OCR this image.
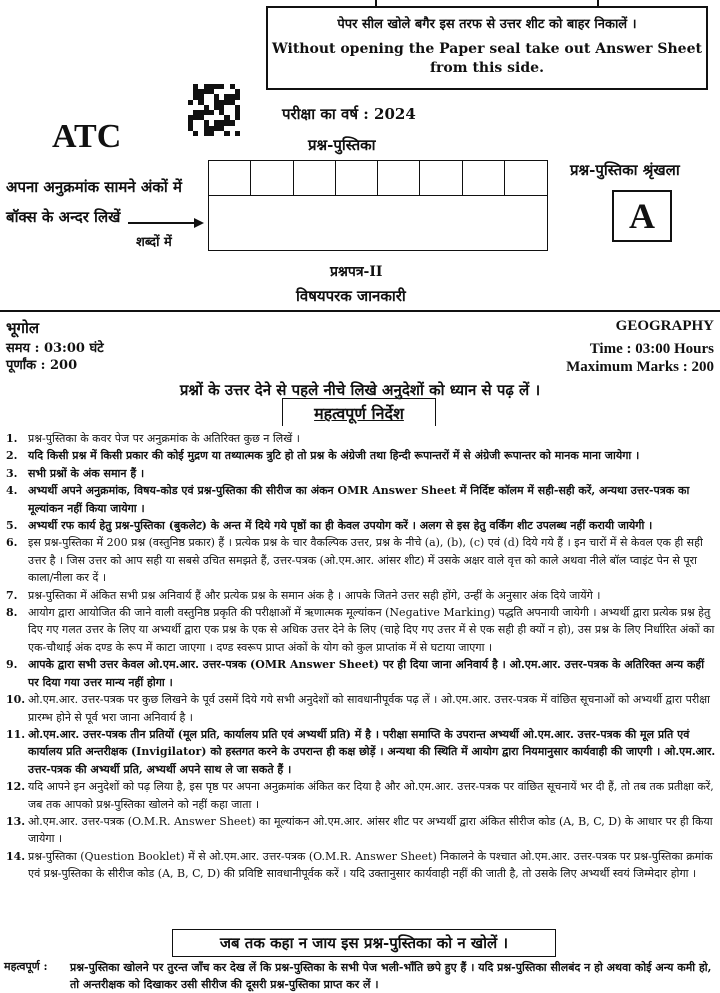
पेपर सील खोले बगैर इस तरफ से उत्तर शीट को बाहर निकालें ।
Without opening the Paper seal take out Answer Sheet from this side.
ATC
परीक्षा का वर्ष : 2024
प्रश्न-पुस्तिका
अपना अनुक्रमांक सामने अंकों में बॉक्स के अन्दर लिखें
शब्दों में
प्रश्न-पुस्तिका श्रृंखला
A
प्रश्नपत्र-II
विषयपरक जानकारी
भूगोल	GEOGRAPHY
समय : 03:00 घंटे
पूर्णांक : 200
Time : 03:00 Hours
Maximum Marks : 200
प्रश्नों के उत्तर देने से पहले नीचे लिखे अनुदेशों को ध्यान से पढ़ लें ।
महत्वपूर्ण निर्देश
1. प्रश्न-पुस्तिका के कवर पेज पर अनुक्रमांक के अतिरिक्त कुछ न लिखें ।
2. यदि किसी प्रश्न में किसी प्रकार की कोई मुद्रण या तथ्यात्मक त्रुटि हो तो प्रश्न के अंग्रेजी तथा हिन्दी रूपान्तरों में से अंग्रेजी रूपान्तर को मानक माना जायेगा ।
3. सभी प्रश्नों के अंक समान हैं ।
4. अभ्यर्थी अपने अनुक्रमांक, विषय-कोड एवं प्रश्न-पुस्तिका की सीरीज का अंकन OMR Answer Sheet में निर्दिष्ट कॉलम में सही-सही करें, अन्यथा उत्तर-पत्रक का मूल्यांकन नहीं किया जायेगा ।
5. अभ्यर्थी रफ कार्य हेतु प्रश्न-पुस्तिका (बुकलेट) के अन्त में दिये गये पृष्ठों का ही केवल उपयोग करें । अलग से इस हेतु वर्किंग शीट उपलब्ध नहीं करायी जायेगी ।
6. इस प्रश्न-पुस्तिका में 200 प्रश्न (वस्तुनिष्ठ प्रकार) हैं । प्रत्येक प्रश्न के चार वैकल्पिक उत्तर, प्रश्न के नीचे (a), (b), (c) एवं (d) दिये गये हैं । इन चारों में से केवल एक ही सही उत्तर है । जिस उत्तर को आप सही या सबसे उचित समझते हैं, उत्तर-पत्रक (ओ.एम.आर. आंसर शीट) में उसके अक्षर वाले वृत्त को काले अथवा नीले बॉल प्वाइंट पेन से पूरा काला/नीला कर दें ।
7. प्रश्न-पुस्तिका में अंकित सभी प्रश्न अनिवार्य हैं और प्रत्येक प्रश्न के समान अंक है । आपके जितने उत्तर सही होंगे, उन्हीं के अनुसार अंक दिये जायेंगे ।
8. आयोग द्वारा आयोजित की जाने वाली वस्तुनिष्ठ प्रकृति की परीक्षाओं में ऋणात्मक मूल्यांकन (Negative Marking) पद्धति अपनायी जायेगी । अभ्यर्थी द्वारा प्रत्येक प्रश्न हेतु दिए गए गलत उत्तर के लिए या अभ्यर्थी द्वारा एक प्रश्न के एक से अधिक उत्तर देने के लिए (चाहे दिए गए उत्तर में से एक सही ही क्यों न हो), उस प्रश्न के लिए निर्धारित अंकों का एक-चौथाई अंक दण्ड के रूप में काटा जाएगा । दण्ड स्वरूप प्राप्त अंकों के योग को कुल प्राप्तांक में से घटाया जाएगा ।
9. आपके द्वारा सभी उत्तर केवल ओ.एम.आर. उत्तर-पत्रक (OMR Answer Sheet) पर ही दिया जाना अनिवार्य है । ओ.एम.आर. उत्तर-पत्रक के अतिरिक्त अन्य कहीं पर दिया गया उत्तर मान्य नहीं होगा ।
10. ओ.एम.आर. उत्तर-पत्रक पर कुछ लिखने के पूर्व उसमें दिये गये सभी अनुदेशों को सावधानीपूर्वक पढ़ लें । ओ.एम.आर. उत्तर-पत्रक में वांछित सूचनाओं को अभ्यर्थी द्वारा परीक्षा प्रारम्भ होने से पूर्व भरा जाना अनिवार्य है ।
11. ओ.एम.आर. उत्तर-पत्रक तीन प्रतियों (मूल प्रति, कार्यालय प्रति एवं अभ्यर्थी प्रति) में है । परीक्षा समाप्ति के उपरान्त अभ्यर्थी ओ.एम.आर. उत्तर-पत्रक की मूल प्रति एवं कार्यालय प्रति अन्तरीक्षक (Invigilator) को हस्तगत करने के उपरान्त ही कक्ष छोड़ें । अन्यथा की स्थिति में आयोग द्वारा नियमानुसार कार्यवाही की जाएगी । ओ.एम.आर. उत्तर-पत्रक की अभ्यर्थी प्रति, अभ्यर्थी अपने साथ ले जा सकते हैं ।
12. यदि आपने इन अनुदेशों को पढ़ लिया है, इस पृष्ठ पर अपना अनुक्रमांक अंकित कर दिया है और ओ.एम.आर. उत्तर-पत्रक पर वांछित सूचनायें भर दी हैं, तो तब तक प्रतीक्षा करें, जब तक आपको प्रश्न-पुस्तिका खोलने को नहीं कहा जाता ।
13. ओ.एम.आर. उत्तर-पत्रक (O.M.R. Answer Sheet) का मूल्यांकन ओ.एम.आर. आंसर शीट पर अभ्यर्थी द्वारा अंकित सीरीज कोड (A, B, C, D) के आधार पर ही किया जायेगा ।
14. प्रश्न-पुस्तिका (Question Booklet) में से ओ.एम.आर. उत्तर-पत्रक (O.M.R. Answer Sheet) निकालने के पश्चात ओ.एम.आर. उत्तर-पत्रक पर प्रश्न-पुस्तिका क्रमांक एवं प्रश्न-पुस्तिका के सीरीज कोड (A, B, C, D) की प्रविष्टि सावधानीपूर्वक करें । यदि उक्तानुसार कार्यवाही नहीं की जाती है, तो उसके लिए अभ्यर्थी स्वयं जिम्मेदार होगा ।
जब तक कहा न जाय इस प्रश्न-पुस्तिका को न खोलें ।
महत्वपूर्ण : प्रश्न-पुस्तिका खोलने पर तुरन्त जाँच कर देख लें कि प्रश्न-पुस्तिका के सभी पेज भली-भाँति छपे हुए हैं । यदि प्रश्न-पुस्तिका सीलबंद न हो अथवा कोई अन्य कमी हो, तो अन्तरीक्षक को दिखाकर उसी सीरीज की दूसरी प्रश्न-पुस्तिका प्राप्त कर लें ।
